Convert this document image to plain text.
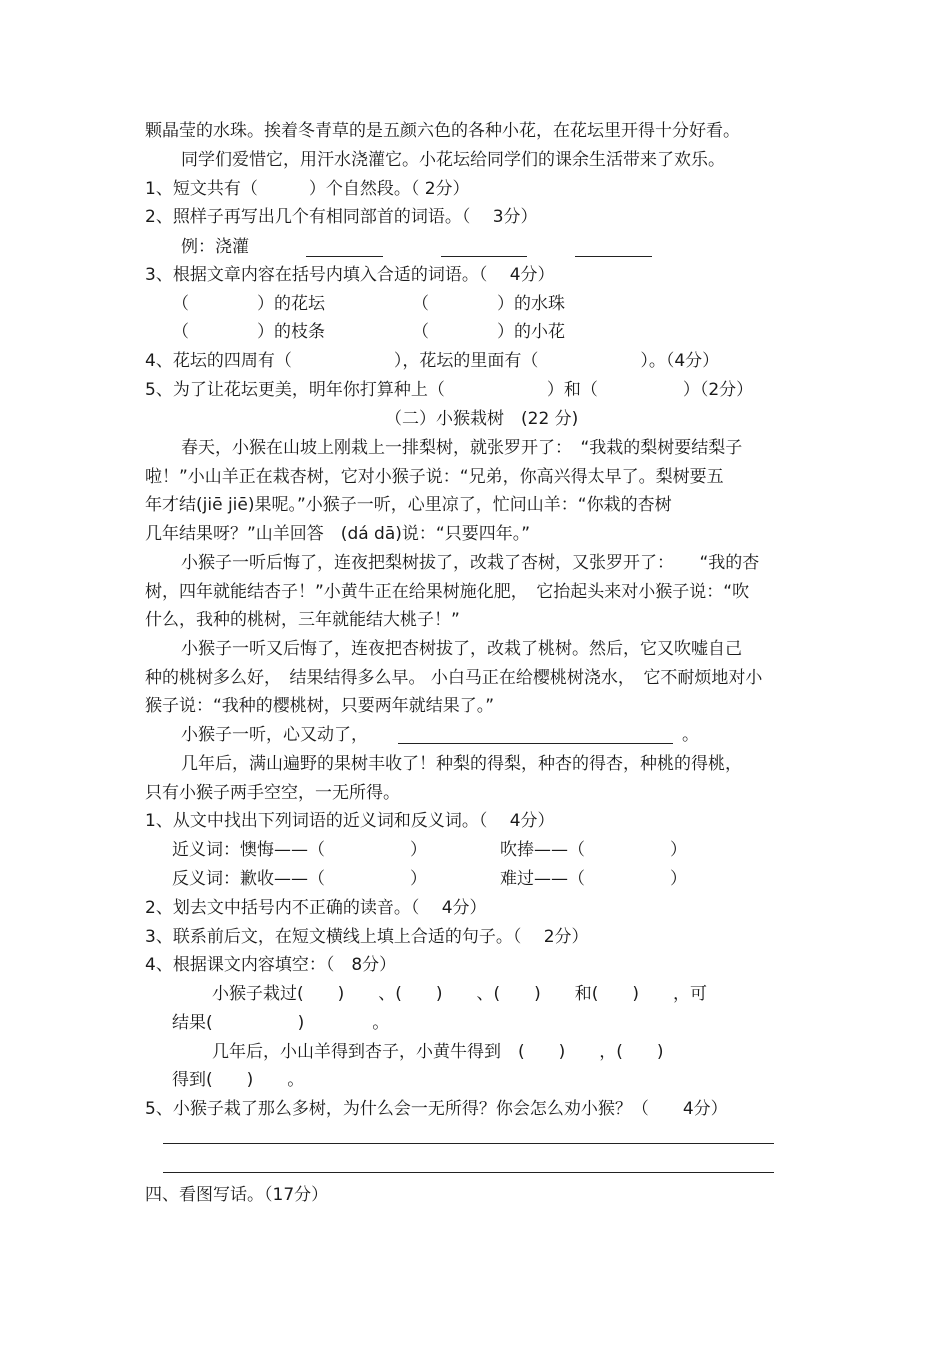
颗晶莹的水珠。挨着冬青草的是五颜六色的各种小花，在花坛里开得十分好看。
同学们爱惜它，用汗水浇灌它。小花坛给同学们的课余生活带来了欢乐。
1、短文共有（　　　）个自然段。（ 2分）
2、照样子再写出几个有相同部首的词语。（　 3分）
例：浇灌
3、根据文章内容在括号内填入合适的词语。（　 4分）
（　　　　）的花坛	（　　　　）的水珠
（　　　　）的枝条	（　　　　）的小花
4、花坛的四周有（　　　　　　），花坛的里面有（　　　　　　）。（4分）
5、为了让花坛更美，明年你打算种上（　　　　　　）和（　　　　　）（2分）
（二）小猴栽树　(22 分)
春天，小猴在山坡上刚栽上一排梨树，就张罗开了：　“我栽的梨树要结梨子
啦！”小山羊正在栽杏树，它对小猴子说：“兄弟，你高兴得太早了。梨树要五
年才结(jiē jiē)果呢。”小猴子一听，心里凉了，忙问山羊：“你栽的杏树
几年结果呀？”山羊回答　(dá dā)说：“只要四年。”
小猴子一听后悔了，连夜把梨树拔了，改栽了杏树，又张罗开了：　　“我的杏
树，四年就能结杏子！”小黄牛正在给果树施化肥，　它抬起头来对小猴子说：“吹
什么，我种的桃树，三年就能结大桃子！”
小猴子一听又后悔了，连夜把杏树拔了，改栽了桃树。然后，它又吹嘘自己
种的桃树多么好，　结果结得多么早。 小白马正在给樱桃树浇水，　它不耐烦地对小
猴子说：“我种的樱桃树，只要两年就结果了。”
小猴子一听，心又动了，	。
几年后，满山遍野的果树丰收了！种梨的得梨，种杏的得杏，种桃的得桃，
只有小猴子两手空空，一无所得。
1、从文中找出下列词语的近义词和反义词。（　 4分）
近义词：懊悔——（　　　　　）	吹捧——（　　　　　）
反义词：歉收——（　　　　　）	难过——（　　　　　）
2、划去文中括号内不正确的读音。（　 4分）
3、联系前后文，在短文横线上填上合适的句子。（　 2分）
4、根据课文内容填空：（　8分）
小猴子栽过(　　)　　、(　　)　　、(　　)　　和(　　)　　，可
结果(　　　　　)　　　　。
几年后，小山羊得到杏子，小黄牛得到　(　　)　　，(　　)
得到(　　)　　。
5、小猴子栽了那么多树，为什么会一无所得？你会怎么劝小猴？（　　4分）
四、看图写话。（17分）
